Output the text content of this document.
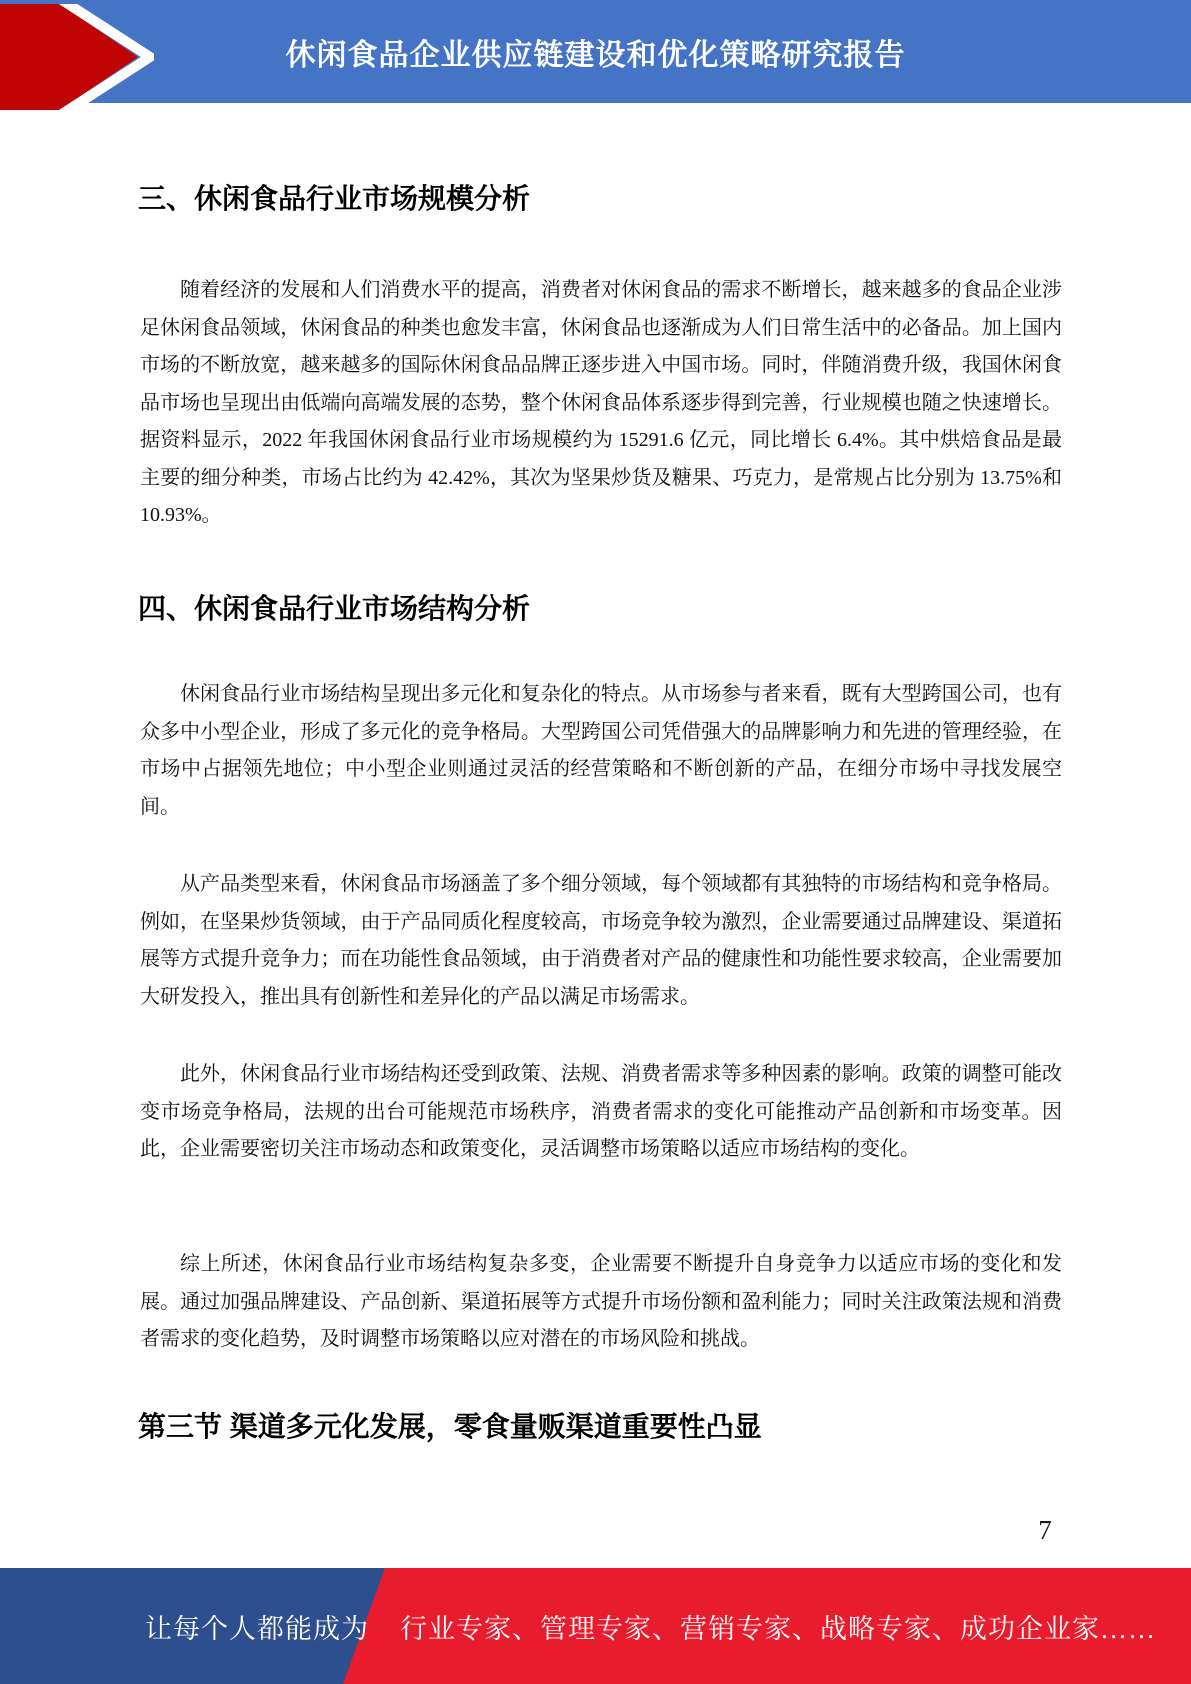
休闲食品企业供应链建设和优化策略研究报告
三、休闲食品行业市场规模分析

随着经济的发展和人们消费水平的提高，消费者对休闲食品的需求不断增长，越来越多的食品企业涉足休闲食品领域，休闲食品的种类也愈发丰富，休闲食品也逐渐成为人们日常生活中的必备品。加上国内市场的不断放宽，越来越多的国际休闲食品品牌正逐步进入中国市场。同时，伴随消费升级，我国休闲食品市场也呈现出由低端向高端发展的态势，整个休闲食品体系逐步得到完善，行业规模也随之快速增长。据资料显示，2022 年我国休闲食品行业市场规模约为 15291.6 亿元，同比增长 6.4%。其中烘焙食品是最主要的细分种类，市场占比约为 42.42%，其次为坚果炒货及糖果、巧克力，是常规占比分别为 13.75%和 10.93%。

四、休闲食品行业市场结构分析

休闲食品行业市场结构呈现出多元化和复杂化的特点。从市场参与者来看，既有大型跨国公司，也有众多中小型企业，形成了多元化的竞争格局。大型跨国公司凭借强大的品牌影响力和先进的管理经验，在市场中占据领先地位；中小型企业则通过灵活的经营策略和不断创新的产品，在细分市场中寻找发展空间。

从产品类型来看，休闲食品市场涵盖了多个细分领域，每个领域都有其独特的市场结构和竞争格局。例如，在坚果炒货领域，由于产品同质化程度较高，市场竞争较为激烈，企业需要通过品牌建设、渠道拓展等方式提升竞争力；而在功能性食品领域，由于消费者对产品的健康性和功能性要求较高，企业需要加大研发投入，推出具有创新性和差异化的产品以满足市场需求。

此外，休闲食品行业市场结构还受到政策、法规、消费者需求等多种因素的影响。政策的调整可能改变市场竞争格局，法规的出台可能规范市场秩序，消费者需求的变化可能推动产品创新和市场变革。因此，企业需要密切关注市场动态和政策变化，灵活调整市场策略以适应市场结构的变化。

综上所述，休闲食品行业市场结构复杂多变，企业需要不断提升自身竞争力以适应市场的变化和发展。通过加强品牌建设、产品创新、渠道拓展等方式提升市场份额和盈利能力；同时关注政策法规和消费者需求的变化趋势，及时调整市场策略以应对潜在的市场风险和挑战。

第三节 渠道多元化发展，零食量贩渠道重要性凸显
7
让每个人都能成为 行业专家、管理专家、营销专家、战略专家、成功企业家……
